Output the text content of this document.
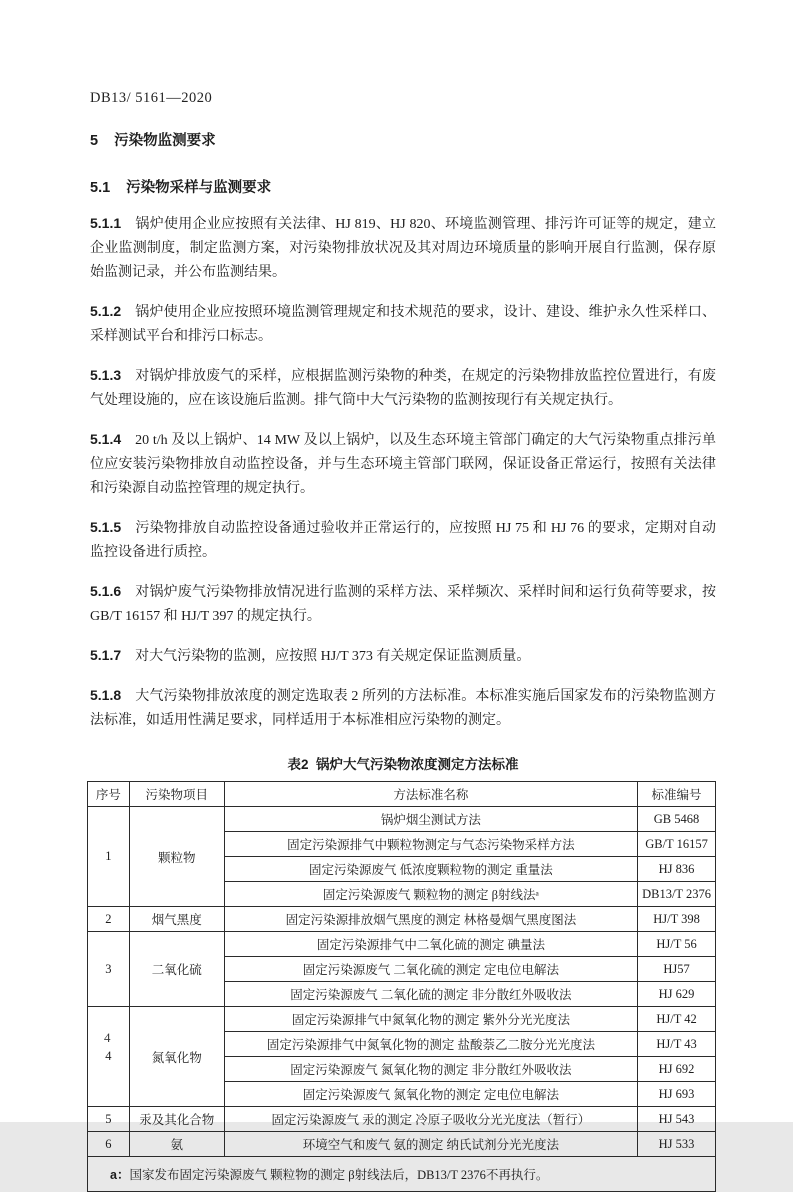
DB13/ 5161—2020
5 污染物监测要求
5.1 污染物采样与监测要求

5.1.1 锅炉使用企业应按照有关法律、HJ 819、HJ 820、环境监测管理、排污许可证等的规定，建立企业监测制度，制定监测方案，对污染物排放状况及其对周边环境质量的影响开展自行监测，保存原始监测记录，并公布监测结果。

5.1.2 锅炉使用企业应按照环境监测管理规定和技术规范的要求，设计、建设、维护永久性采样口、采样测试平台和排污口标志。

5.1.3 对锅炉排放废气的采样，应根据监测污染物的种类，在规定的污染物排放监控位置进行，有废气处理设施的，应在该设施后监测。排气筒中大气污染物的监测按现行有关规定执行。

5.1.4 20 t/h 及以上锅炉、14 MW 及以上锅炉，以及生态环境主管部门确定的大气污染物重点排污单位应安装污染物排放自动监控设备，并与生态环境主管部门联网，保证设备正常运行，按照有关法律和污染源自动监控管理的规定执行。

5.1.5 污染物排放自动监控设备通过验收并正常运行的，应按照 HJ 75 和 HJ 76 的要求，定期对自动监控设备进行质控。

5.1.6 对锅炉废气污染物排放情况进行监测的采样方法、采样频次、采样时间和运行负荷等要求，按 GB/T 16157 和 HJ/T 397 的规定执行。

5.1.7 对大气污染物的监测，应按照 HJ/T 373 有关规定保证监测质量。

5.1.8 大气污染物排放浓度的测定选取表 2 所列的方法标准。本标准实施后国家发布的污染物监测方法标准，如适用性满足要求，同样适用于本标准相应污染物的测定。

表2 锅炉大气污染物浓度测定方法标准
序号	污染物项目	方法标准名称	标准编号
1	颗粒物	锅炉烟尘测试方法	GB 5468
		固定污染源排气中颗粒物测定与气态污染物采样方法	GB/T 16157
		固定污染源废气 低浓度颗粒物的测定 重量法	HJ 836
		固定污染源废气 颗粒物的测定 β射线法ᵃ	DB13/T 2376
2	烟气黑度	固定污染源排放烟气黑度的测定 林格曼烟气黑度图法	HJ/T 398
3	二氧化硫	固定污染源排气中二氧化硫的测定 碘量法	HJ/T 56
		固定污染源废气 二氧化硫的测定 定电位电解法	HJ57
		固定污染源废气 二氧化硫的测定 非分散红外吸收法	HJ 629
4	氮氧化物	固定污染源排气中氮氧化物的测定 紫外分光光度法	HJ/T 42
		固定污染源排气中氮氧化物的测定 盐酸萘乙二胺分光光度法	HJ/T 43
		固定污染源废气 氮氧化物的测定 非分散红外吸收法	HJ 692
		固定污染源废气 氮氧化物的测定 定电位电解法	HJ 693
5	汞及其化合物	固定污染源废气 汞的测定 冷原子吸收分光光度法（暂行）	HJ 543
6	氨	环境空气和废气 氨的测定 纳氏试剂分光光度法	HJ 533
a：国家发布固定污染源废气 颗粒物的测定 β射线法后，DB13/T 2376不再执行。			
4
